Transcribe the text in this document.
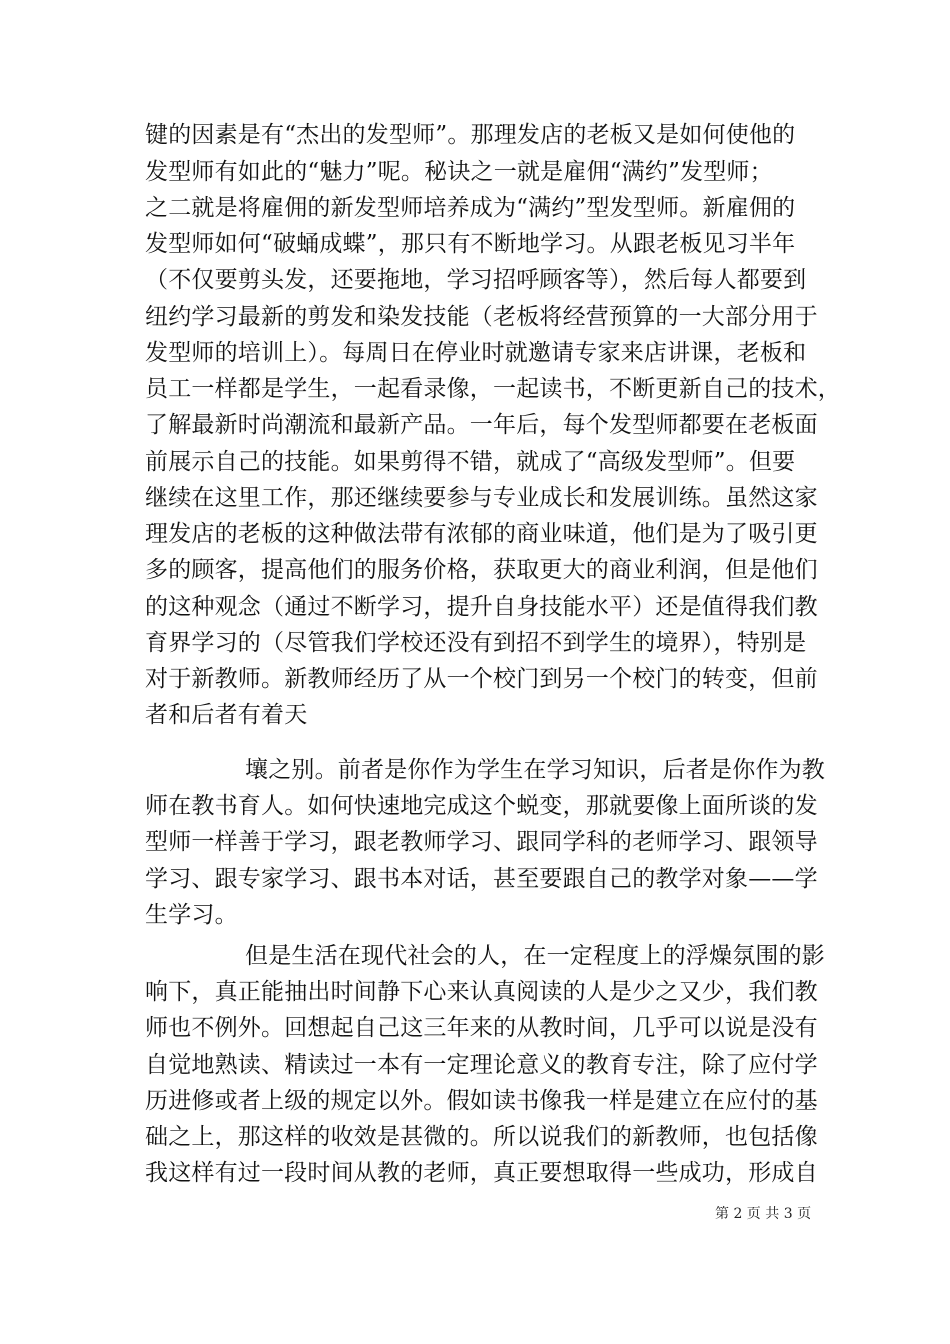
键的因素是有“杰出的发型师”。那理发店的老板又是如何使他的
发型师有如此的“魅力”呢。秘诀之一就是雇佣“满约”发型师；
之二就是将雇佣的新发型师培养成为“满约”型发型师。新雇佣的
发型师如何“破蛹成蝶”，那只有不断地学习。从跟老板见习半年
（不仅要剪头发，还要拖地，学习招呼顾客等），然后每人都要到
纽约学习最新的剪发和染发技能（老板将经营预算的一大部分用于
发型师的培训上）。每周日在停业时就邀请专家来店讲课，老板和
员工一样都是学生，一起看录像，一起读书，不断更新自己的技术，
了解最新时尚潮流和最新产品。一年后，每个发型师都要在老板面
前展示自己的技能。如果剪得不错，就成了“高级发型师”。但要
继续在这里工作，那还继续要参与专业成长和发展训练。虽然这家
理发店的老板的这种做法带有浓郁的商业味道，他们是为了吸引更
多的顾客，提高他们的服务价格，获取更大的商业利润，但是他们
的这种观念（通过不断学习，提升自身技能水平）还是值得我们教
育界学习的（尽管我们学校还没有到招不到学生的境界），特别是
对于新教师。新教师经历了从一个校门到另一个校门的转变，但前
者和后者有着天
壤之别。前者是你作为学生在学习知识，后者是你作为教
师在教书育人。如何快速地完成这个蜕变，那就要像上面所谈的发
型师一样善于学习，跟老教师学习、跟同学科的老师学习、跟领导
学习、跟专家学习、跟书本对话，甚至要跟自己的教学对象——学
生学习。
但是生活在现代社会的人，在一定程度上的浮燥氛围的影
响下，真正能抽出时间静下心来认真阅读的人是少之又少，我们教
师也不例外。回想起自己这三年来的从教时间，几乎可以说是没有
自觉地熟读、精读过一本有一定理论意义的教育专注，除了应付学
历进修或者上级的规定以外。假如读书像我一样是建立在应付的基
础之上，那这样的收效是甚微的。所以说我们的新教师，也包括像
我这样有过一段时间从教的老师，真正要想取得一些成功，形成自
第 2 页 共 3 页
